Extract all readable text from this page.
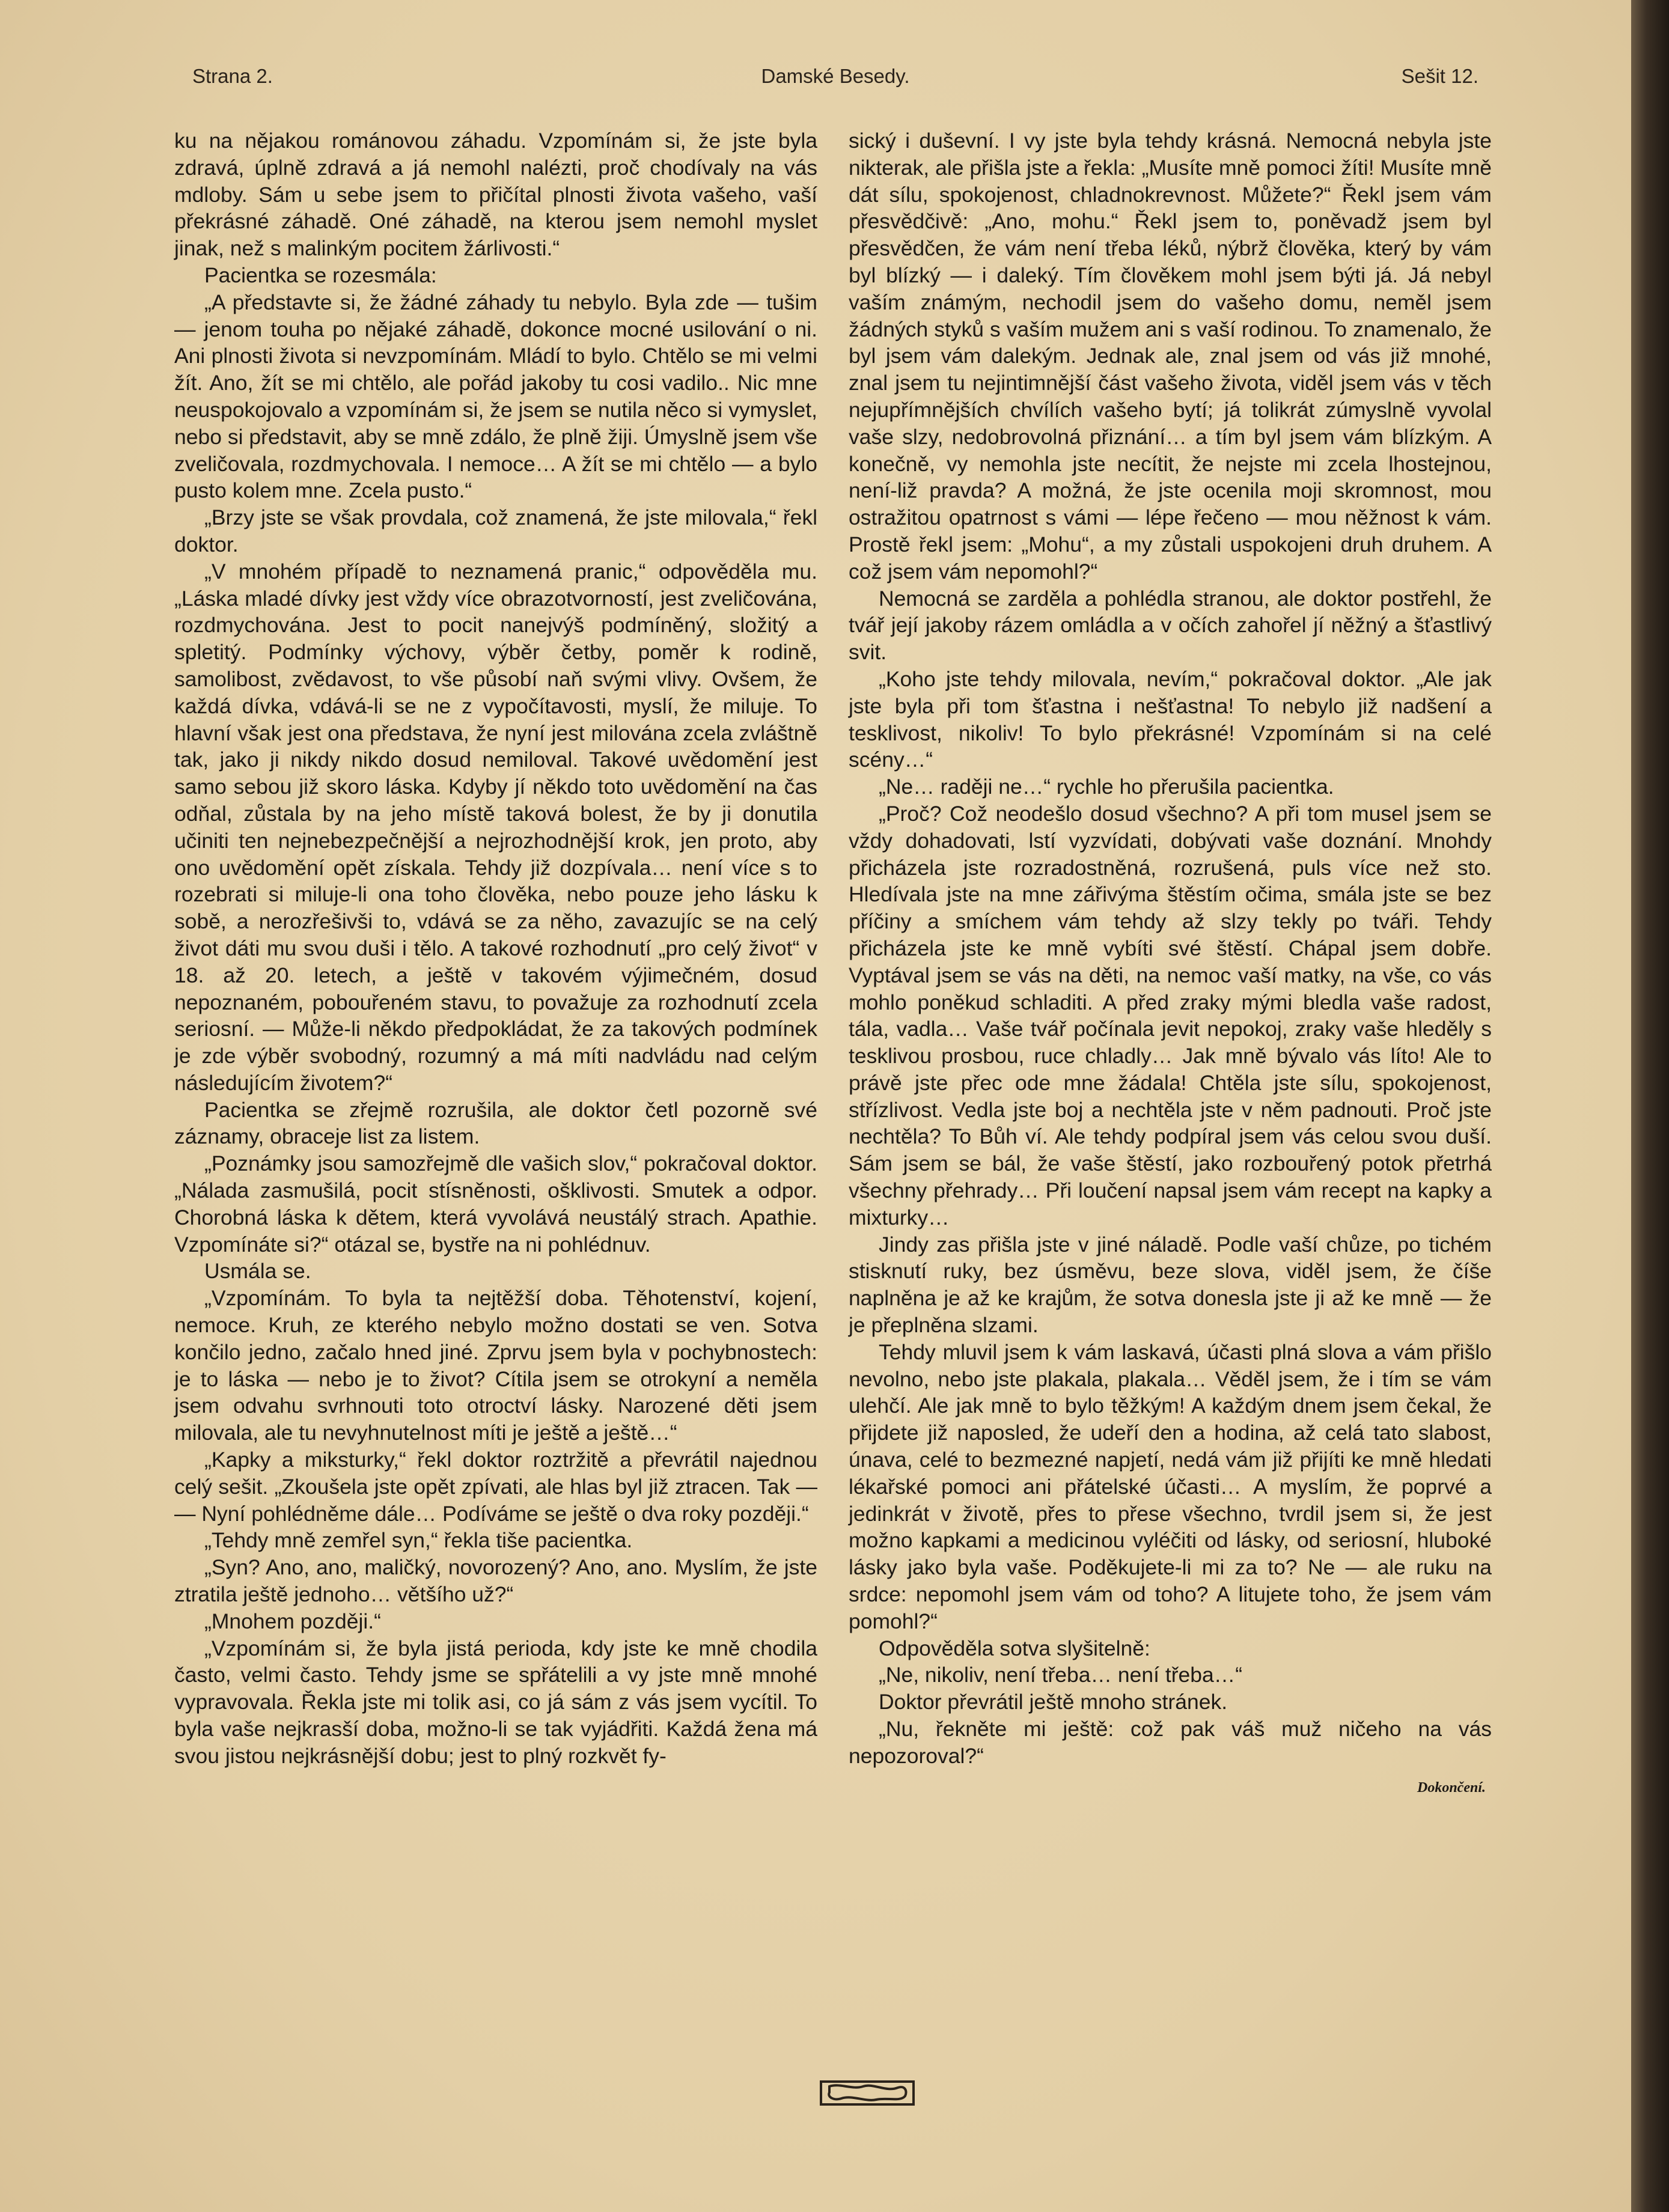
Strana 2.	Damské Besedy.	Sešit 12.

ku na nějakou románovou záhadu. Vzpomínám si, že jste byla zdravá, úplně zdravá a já nemohl nalézti, proč chodívaly na vás mdloby. Sám u sebe jsem to přičítal plnosti života vašeho, vaší překrásné záhadě. Oné záhadě, na kterou jsem nemohl myslet jinak, než s malinkým pocitem žárlivosti.“

Pacientka se rozesmála:

„A představte si, že žádné záhady tu nebylo. Byla zde — tušim — jenom touha po nějaké záhadě, dokonce mocné usilování o ni. Ani plnosti života si nevzpomínám. Mládí to bylo. Chtělo se mi velmi žít. Ano, žít se mi chtělo, ale pořád jakoby tu cosi vadilo.. Nic mne neuspokojovalo a vzpomínám si, že jsem se nutila něco si vymyslet, nebo si představit, aby se mně zdálo, že plně žiji. Úmyslně jsem vše zveličovala, rozdmychovala. I nemoce… A žít se mi chtělo — a bylo pusto kolem mne. Zcela pusto.“

„Brzy jste se však provdala, což znamená, že jste milovala,“ řekl doktor.

„V mnohém případě to neznamená pranic,“ odpověděla mu. „Láska mladé dívky jest vždy více obrazotvorností, jest zveličována, rozdmychována. Jest to pocit nanejvýš podmíněný, složitý a spletitý. Podmínky výchovy, výběr četby, poměr k rodině, samolibost, zvědavost, to vše působí naň svými vlivy. Ovšem, že každá dívka, vdává-li se ne z vypočítavosti, myslí, že miluje. To hlavní však jest ona představa, že nyní jest milována zcela zvláštně tak, jako ji nikdy nikdo dosud nemiloval. Takové uvědomění jest samo sebou již skoro láska. Kdyby jí někdo toto uvědomění na čas odňal, zůstala by na jeho místě taková bolest, že by ji donutila učiniti ten nejnebezpečnější a nejrozhodnější krok, jen proto, aby ono uvědomění opět získala. Tehdy již dozpívala… není více s to rozebrati si miluje-li ona toho člověka, nebo pouze jeho lásku k sobě, a nerozřešivši to, vdává se za něho, zavazujíc se na celý život dáti mu svou duši i tělo. A takové rozhodnutí „pro celý život“ v 18. až 20. letech, a ještě v takovém výjimečném, dosud nepoznaném, pobouřeném stavu, to považuje za rozhodnutí zcela seriosní. — Může-li někdo předpokládat, že za takových podmínek je zde výběr svobodný, rozumný a má míti nadvládu nad celým následujícím životem?“

Pacientka se zřejmě rozrušila, ale doktor četl pozorně své záznamy, obraceje list za listem.

„Poznámky jsou samozřejmě dle vašich slov,“ pokračoval doktor. „Nálada zasmušilá, pocit stísněnosti, ošklivosti. Smutek a odpor. Chorobná láska k dětem, která vyvolává neustálý strach. Apathie. Vzpomínáte si?“ otázal se, bystře na ni pohlédnuv.

Usmála se.

„Vzpomínám. To byla ta nejtěžší doba. Těhotenství, kojení, nemoce. Kruh, ze kterého nebylo možno dostati se ven. Sotva končilo jedno, začalo hned jiné. Zprvu jsem byla v pochybnostech: je to láska — nebo je to život? Cítila jsem se otrokyní a neměla jsem odvahu svrhnouti toto otroctví lásky. Narozené děti jsem milovala, ale tu nevyhnutelnost míti je ještě a ještě…“

„Kapky a miksturky,“ řekl doktor roztržitě a převrátil najednou celý sešit. „Zkoušela jste opět zpívati, ale hlas byl již ztracen. Tak — — Nyní pohlédněme dále… Podíváme se ještě o dva roky později.“

„Tehdy mně zemřel syn,“ řekla tiše pacientka.

„Syn? Ano, ano, maličký, novorozený? Ano, ano. Myslím, že jste ztratila ještě jednoho… většího už?“

„Mnohem později.“

„Vzpomínám si, že byla jistá perioda, kdy jste ke mně chodila často, velmi často. Tehdy jsme se spřátelili a vy jste mně mnohé vypravovala. Řekla jste mi tolik asi, co já sám z vás jsem vycítil. To byla vaše nejkrasší doba, možno-li se tak vyjádřiti. Každá žena má svou jistou nejkrásnější dobu; jest to plný rozkvět fy-

sický i duševní. I vy jste byla tehdy krásná. Nemocná nebyla jste nikterak, ale přišla jste a řekla: „Musíte mně pomoci žíti! Musíte mně dát sílu, spokojenost, chladnokrevnost. Můžete?“ Řekl jsem vám přesvědčivě: „Ano, mohu.“ Řekl jsem to, poněvadž jsem byl přesvědčen, že vám není třeba léků, nýbrž člověka, který by vám byl blízký — i daleký. Tím člověkem mohl jsem býti já. Já nebyl vaším známým, nechodil jsem do vašeho domu, neměl jsem žádných styků s vaším mužem ani s vaší rodinou. To znamenalo, že byl jsem vám dalekým. Jednak ale, znal jsem od vás již mnohé, znal jsem tu nejintimnější část vašeho života, viděl jsem vás v těch nejupřímnějších chvílích vašeho bytí; já tolikrát zúmyslně vyvolal vaše slzy, nedobrovolná přiznání… a tím byl jsem vám blízkým. A konečně, vy nemohla jste necítit, že nejste mi zcela lhostejnou, není-liž pravda? A možná, že jste ocenila moji skromnost, mou ostražitou opatrnost s vámi — lépe řečeno — mou něžnost k vám. Prostě řekl jsem: „Mohu“, a my zůstali uspokojeni druh druhem. A což jsem vám nepomohl?“

Nemocná se zarděla a pohlédla stranou, ale doktor postřehl, že tvář její jakoby rázem omládla a v očích zahořel jí něžný a šťastlivý svit.

„Koho jste tehdy milovala, nevím,“ pokračoval doktor. „Ale jak jste byla při tom šťastna i nešťastna! To nebylo již nadšení a tesklivost, nikoliv! To bylo překrásné! Vzpomínám si na celé scény…“

„Ne… raději ne…“ rychle ho přerušila pacientka.

„Proč? Což neodešlo dosud všechno? A při tom musel jsem se vždy dohadovati, lstí vyzvídati, dobývati vaše doznání. Mnohdy přicházela jste rozradostněná, rozrušená, puls více než sto. Hledívala jste na mne zářivýma štěstím očima, smála jste se bez příčiny a smíchem vám tehdy až slzy tekly po tváři. Tehdy přicházela jste ke mně vybíti své štěstí. Chápal jsem dobře. Vyptával jsem se vás na děti, na nemoc vaší matky, na vše, co vás mohlo poněkud schladiti. A před zraky mými bledla vaše radost, tála, vadla… Vaše tvář počínala jevit nepokoj, zraky vaše hleděly s tesklivou prosbou, ruce chladly… Jak mně bývalo vás líto! Ale to právě jste přec ode mne žádala! Chtěla jste sílu, spokojenost, střízlivost. Vedla jste boj a nechtěla jste v něm padnouti. Proč jste nechtěla? To Bůh ví. Ale tehdy podpíral jsem vás celou svou duší. Sám jsem se bál, že vaše štěstí, jako rozbouřený potok přetrhá všechny přehrady… Při loučení napsal jsem vám recept na kapky a mixturky…

Jindy zas přišla jste v jiné náladě. Podle vaší chůze, po tichém stisknutí ruky, bez úsměvu, beze slova, viděl jsem, že číše naplněna je až ke krajům, že sotva donesla jste ji až ke mně — že je přeplněna slzami.

Tehdy mluvil jsem k vám laskavá, účasti plná slova a vám přišlo nevolno, nebo jste plakala, plakala… Věděl jsem, že i tím se vám ulehčí. Ale jak mně to bylo těžkým! A každým dnem jsem čekal, že přijdete již naposled, že udeří den a hodina, až celá tato slabost, únava, celé to bezmezné napjetí, nedá vám již přijíti ke mně hledati lékařské pomoci ani přátelské účasti… A myslím, že poprvé a jedinkrát v životě, přes to přese všechno, tvrdil jsem si, že jest možno kapkami a medicinou vyléčiti od lásky, od seriosní, hluboké lásky jako byla vaše. Poděkujete-li mi za to? Ne — ale ruku na srdce: nepomohl jsem vám od toho? A litujete toho, že jsem vám pomohl?“

Odpověděla sotva slyšitelně:

„Ne, nikoliv, není třeba… není třeba…“

Doktor převrátil ještě mnoho stránek.

„Nu, řekněte mi ještě: což pak váš muž ničeho na vás nepozoroval?“

Dokončení.
